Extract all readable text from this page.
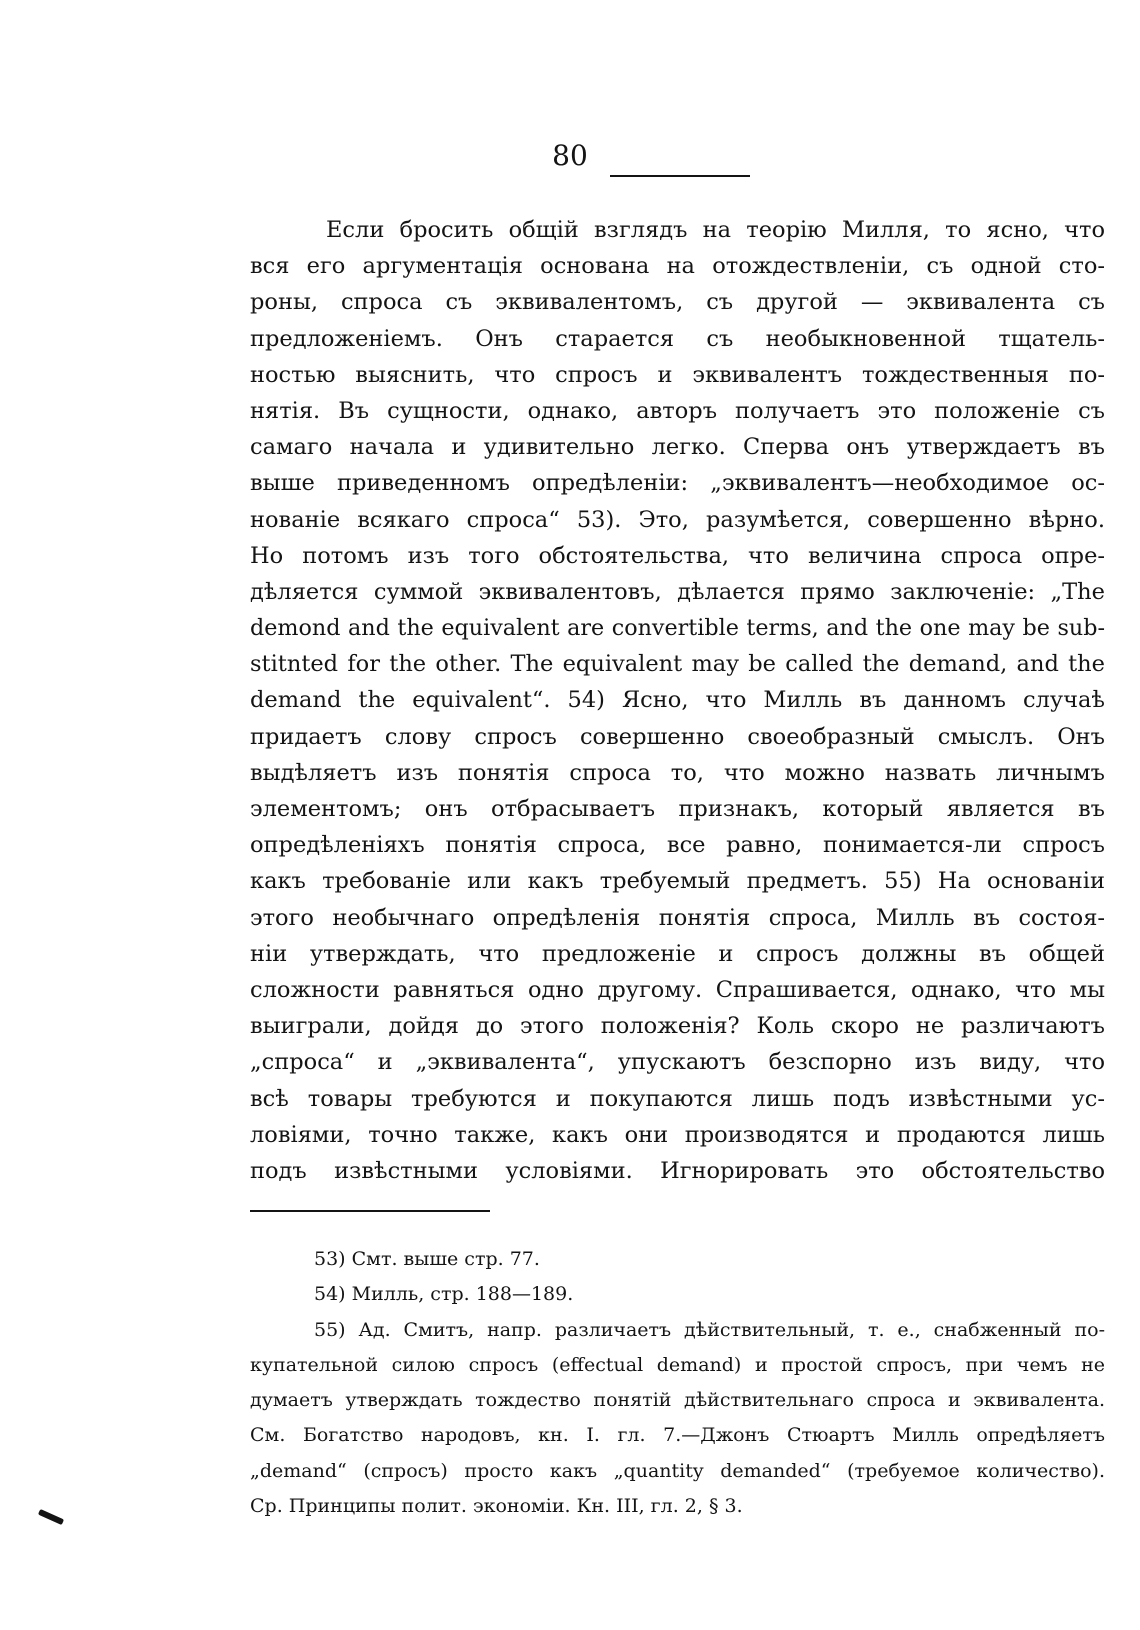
80
Если бросить общій взглядъ на теорію Милля, то ясно, что
вся его аргументація основана на отождествленіи, съ одной сто-
роны, спроса съ эквивалентомъ, съ другой — эквивалента съ
предложеніемъ. Онъ старается съ необыкновенной тщатель-
ностью выяснить, что спросъ и эквивалентъ тождественныя по-
нятія. Въ сущности, однако, авторъ получаетъ это положеніе съ
самаго начала и удивительно легко. Сперва онъ утверждаетъ въ
выше приведенномъ опредѣленіи: „эквивалентъ—необходимое ос-
нованіе всякаго спроса“ 53). Это, разумѣется, совершенно вѣрно.
Но потомъ изъ того обстоятельства, что величина спроса опре-
дѣляется суммой эквивалентовъ, дѣлается прямо заключеніе: „The
demond and the equivalent are convertible terms, and the one may be sub-
stitnted for the other. The equivalent may be called the demand, and the
demand the equivalent“. 54) Ясно, что Милль въ данномъ случаѣ
придаетъ слову спросъ совершенно своеобразный смыслъ. Онъ
выдѣляетъ изъ понятія спроса то, что можно назвать личнымъ
элементомъ; онъ отбрасываетъ признакъ, который является въ
опредѣленіяхъ понятія спроса, все равно, понимается-ли спросъ
какъ требованіе или какъ требуемый предметъ. 55) На основаніи
этого необычнаго опредѣленія понятія спроса, Милль въ состоя-
ніи утверждать, что предложеніе и спросъ должны въ общей
сложности равняться одно другому. Спрашивается, однако, что мы
выиграли, дойдя до этого положенія? Коль скоро не различаютъ
„спроса“ и „эквивалента“, упускаютъ безспорно изъ виду, что
всѣ товары требуются и покупаются лишь подъ извѣстными ус-
ловіями, точно также, какъ они производятся и продаются лишь
подъ извѣстными условіями. Игнорировать это обстоятельство
53) Смт. выше стр. 77.
54) Милль, стр. 188—189.
55) Ад. Смитъ, напр. различаетъ дѣйствительный, т. е., снабженный по-
купательной силою спросъ (effectual demand) и простой спросъ, при чемъ не
думаетъ утверждать тождество понятій дѣйствительнаго спроса и эквивалента.
См. Богатство народовъ, кн. I. гл. 7.—Джонъ Стюартъ Милль опредѣляетъ
„demand“ (спросъ) просто какъ „quantity demanded“ (требуемое количество).
Ср. Принципы полит. экономіи. Кн. III, гл. 2, § 3.
